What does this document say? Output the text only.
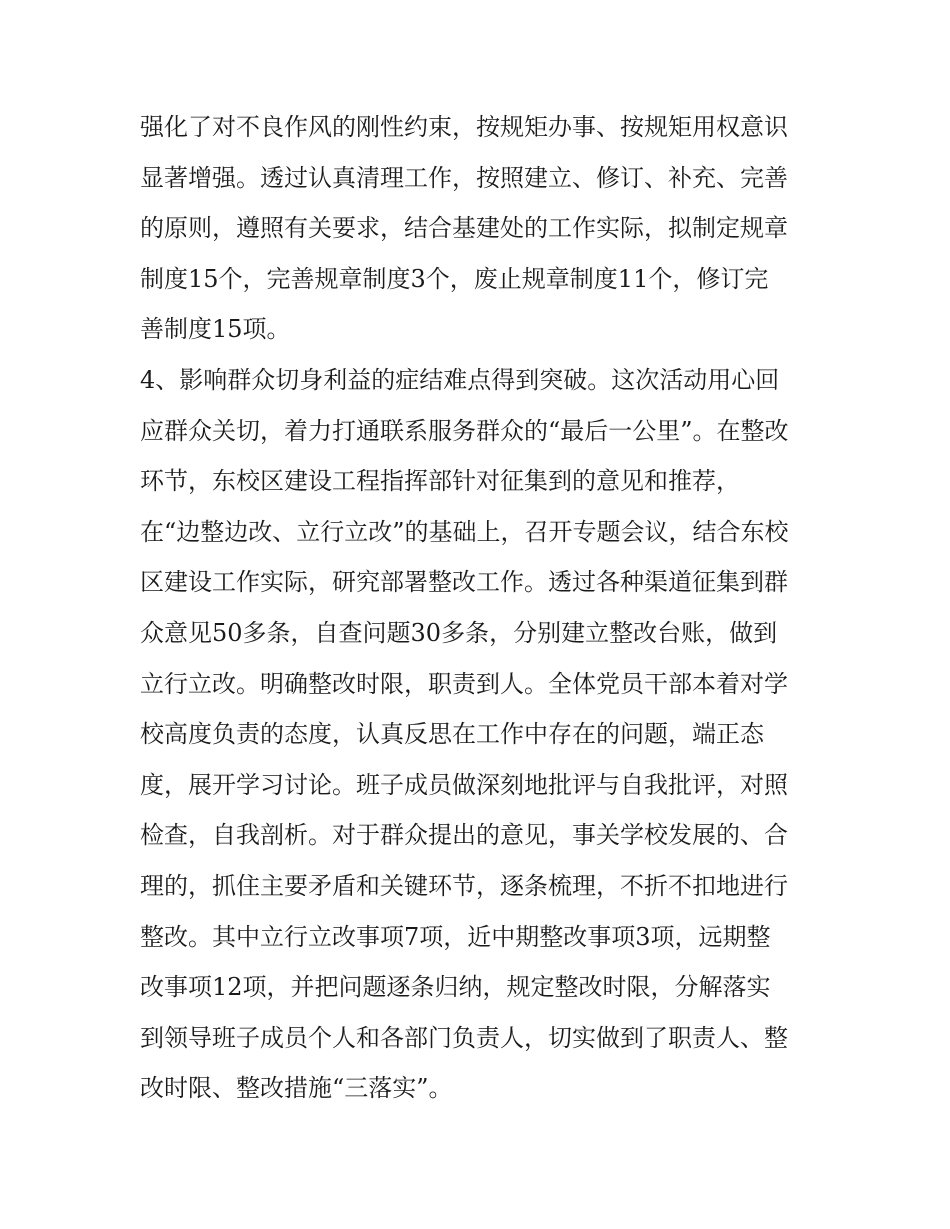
强化了对不良作风的刚性约束，按规矩办事、按规矩用权意识
显著增强。透过认真清理工作，按照建立、修订、补充、完善
的原则，遵照有关要求，结合基建处的工作实际，拟制定规章
制度15个，完善规章制度3个，废止规章制度11个，修订完
善制度15项。
4、影响群众切身利益的症结难点得到突破。这次活动用心回
应群众关切，着力打通联系服务群众的“最后一公里”。在整改
环节，东校区建设工程指挥部针对征集到的意见和推荐，
在“边整边改、立行立改”的基础上，召开专题会议，结合东校
区建设工作实际，研究部署整改工作。透过各种渠道征集到群
众意见50多条，自查问题30多条，分别建立整改台账，做到
立行立改。明确整改时限，职责到人。全体党员干部本着对学
校高度负责的态度，认真反思在工作中存在的问题，端正态
度，展开学习讨论。班子成员做深刻地批评与自我批评，对照
检查，自我剖析。对于群众提出的意见，事关学校发展的、合
理的，抓住主要矛盾和关键环节，逐条梳理，不折不扣地进行
整改。其中立行立改事项7项，近中期整改事项3项，远期整
改事项12项，并把问题逐条归纳，规定整改时限，分解落实
到领导班子成员个人和各部门负责人，切实做到了职责人、整
改时限、整改措施“三落实”。
